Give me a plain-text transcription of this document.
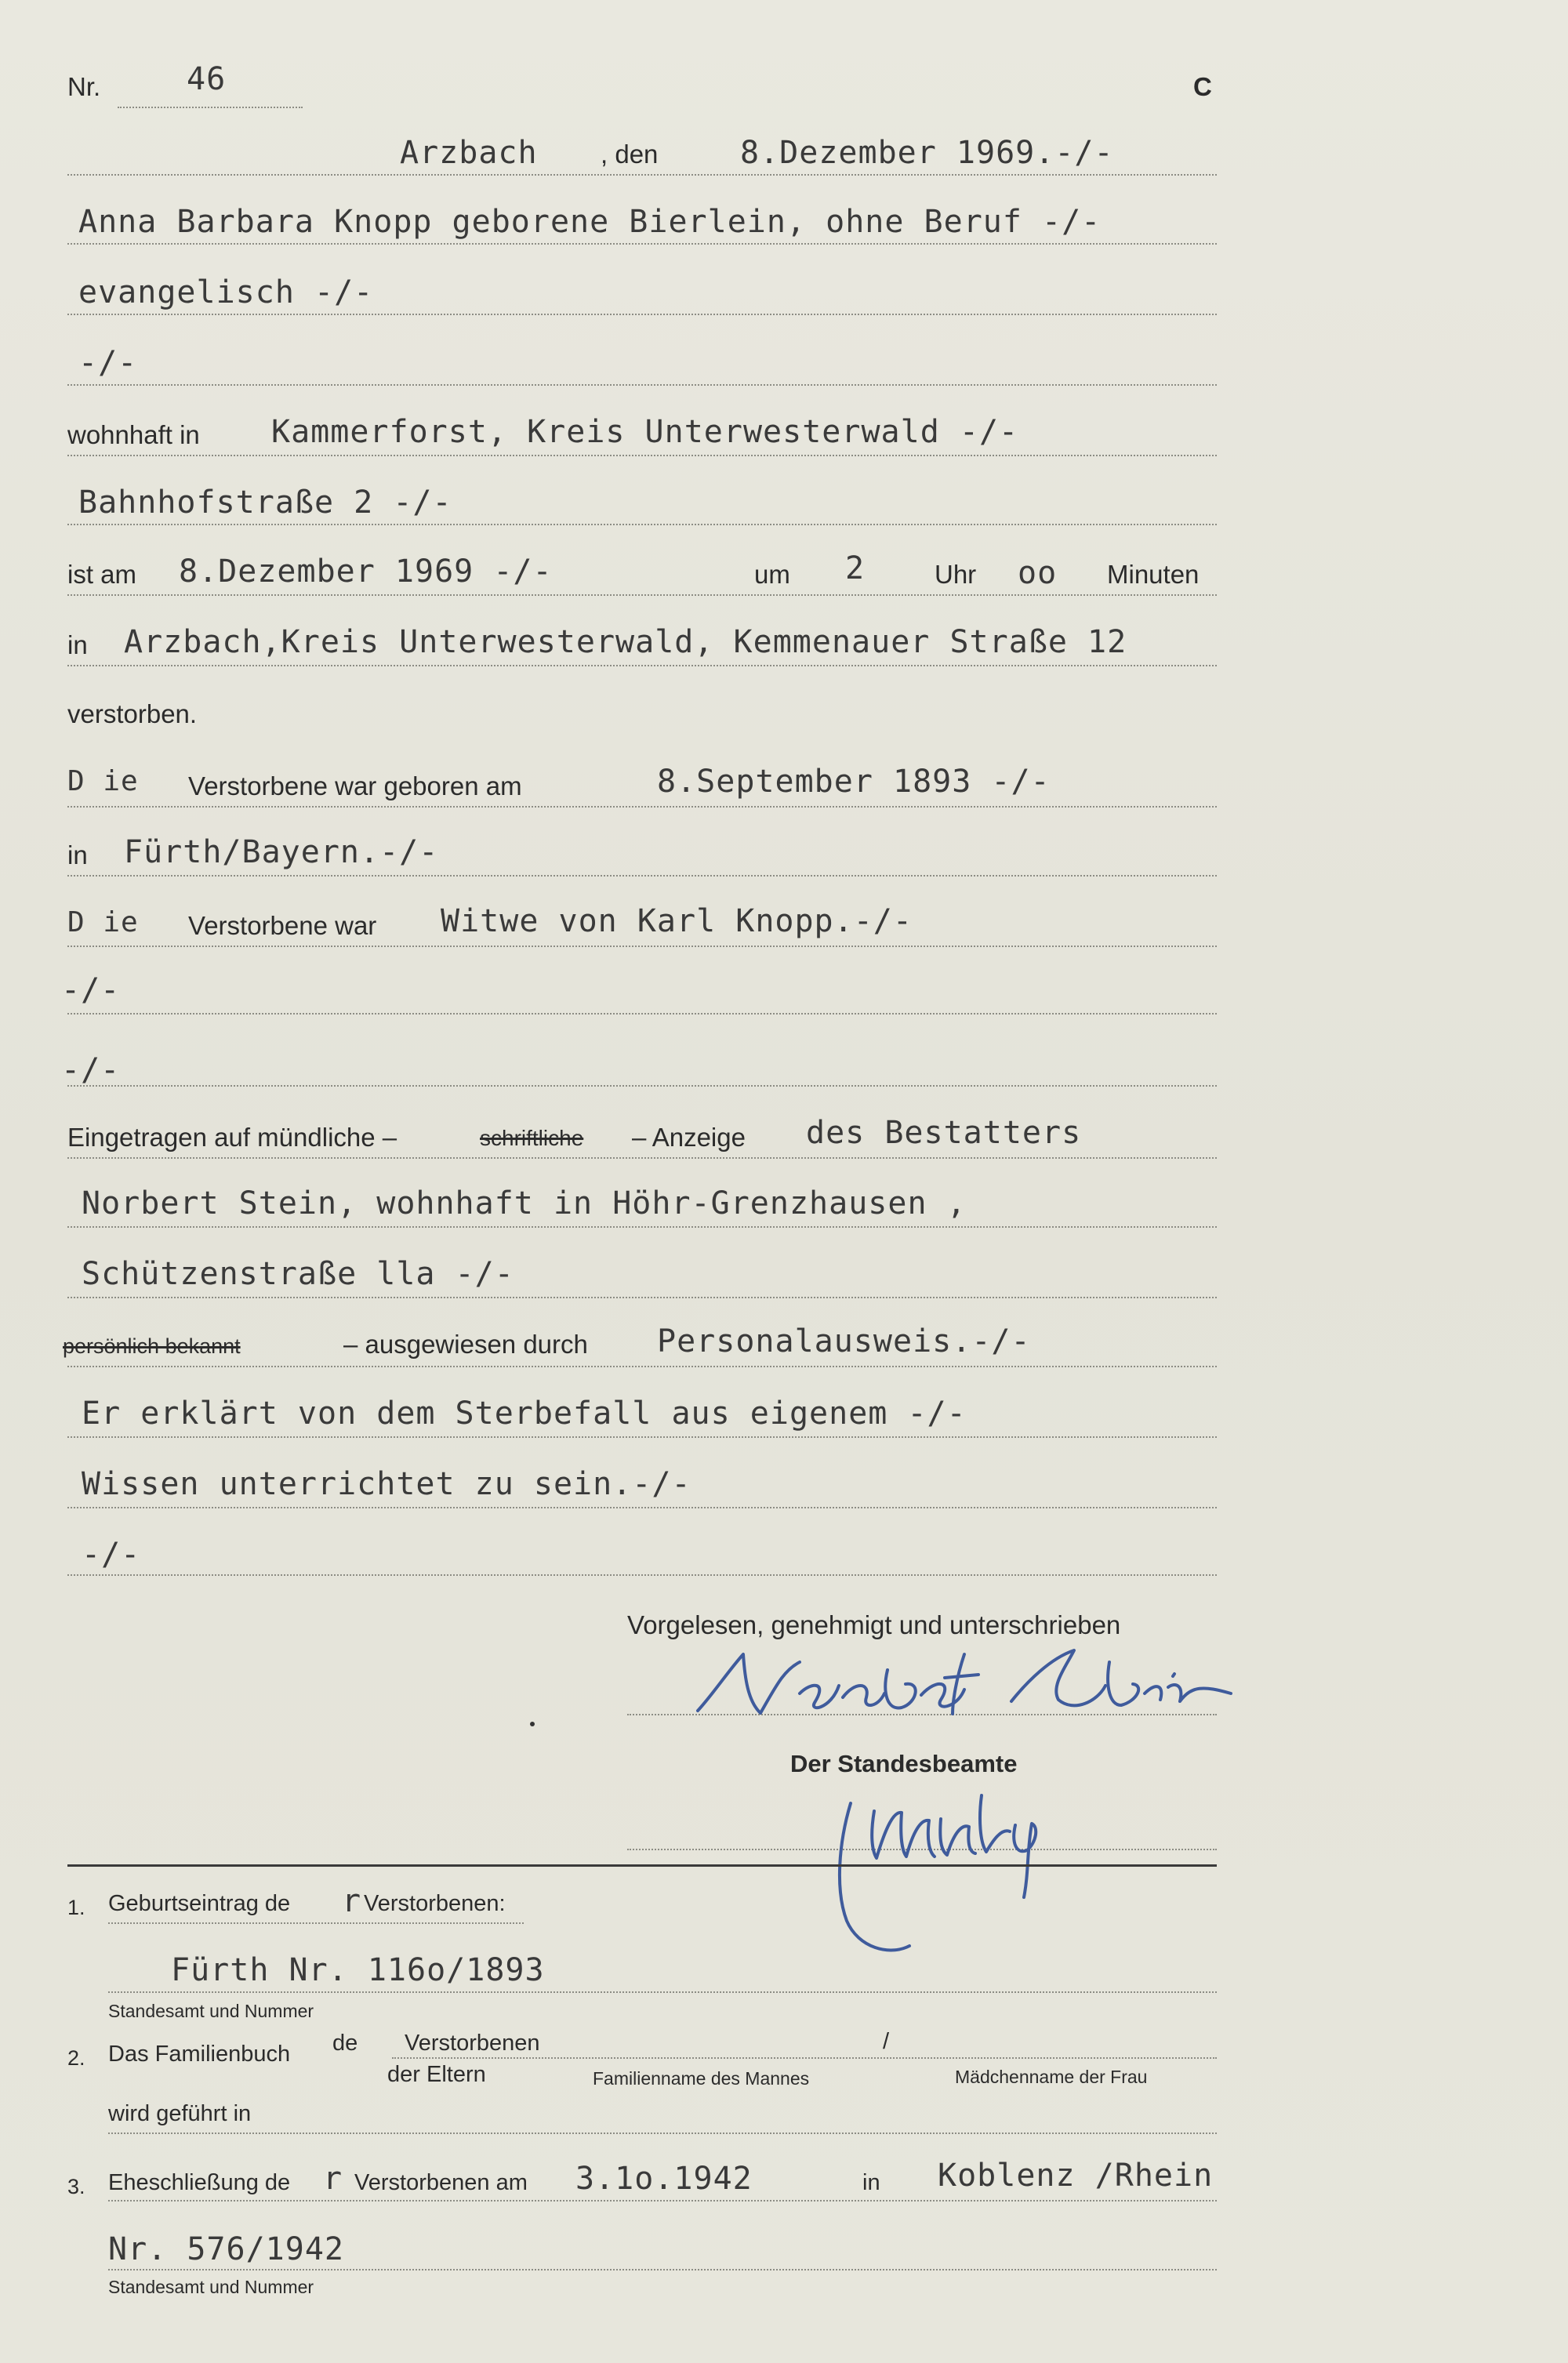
Nr.	46	C
Arzbach , den	8.Dezember 1969.-/-
Anna Barbara Knopp geborene Bierlein, ohne Beruf -/-
evangelisch -/-
-/-
wohnhaft in Kammerforst, Kreis Unterwesterwald -/-
Bahnhofstraße 2 -/-
ist am 8.Dezember 1969 -/-	um 2	Uhr oo Minuten
in Arzbach,Kreis Unterwesterwald, Kemmenauer Straße 12
verstorben.
D ie Verstorbene war geboren am	8.September 1893 -/-
in Fürth/Bayern.-/-
D ie Verstorbene war Witwe von Karl Knopp.-/-
-/-
-/-
Eingetragen auf mündliche –	schriftliche – Anzeige des Bestatters
Norbert Stein, wohnhaft in Höhr-Grenzhausen ,
Schützenstraße lla -/-
persönlich bekannt	– ausgewiesen durch Personalausweis.-/-
Er erklärt von dem Sterbefall aus eigenem -/-
Wissen unterrichtet zu sein.-/-
-/-
Vorgelesen, genehmigt und unterschrieben
Der Standesbeamte
1. Geburtseintrag de r Verstorbenen:
Fürth Nr. 116o/1893
Standesamt und Nummer
2. Das Familienbuch de Verstorbenen	/
der Eltern	Familienname des Mannes	Mädchenname der Frau
wird geführt in
3. Eheschließung de r Verstorbenen am 3.1o.1942	in Koblenz /Rhein
Nr. 576/1942
Standesamt und Nummer
